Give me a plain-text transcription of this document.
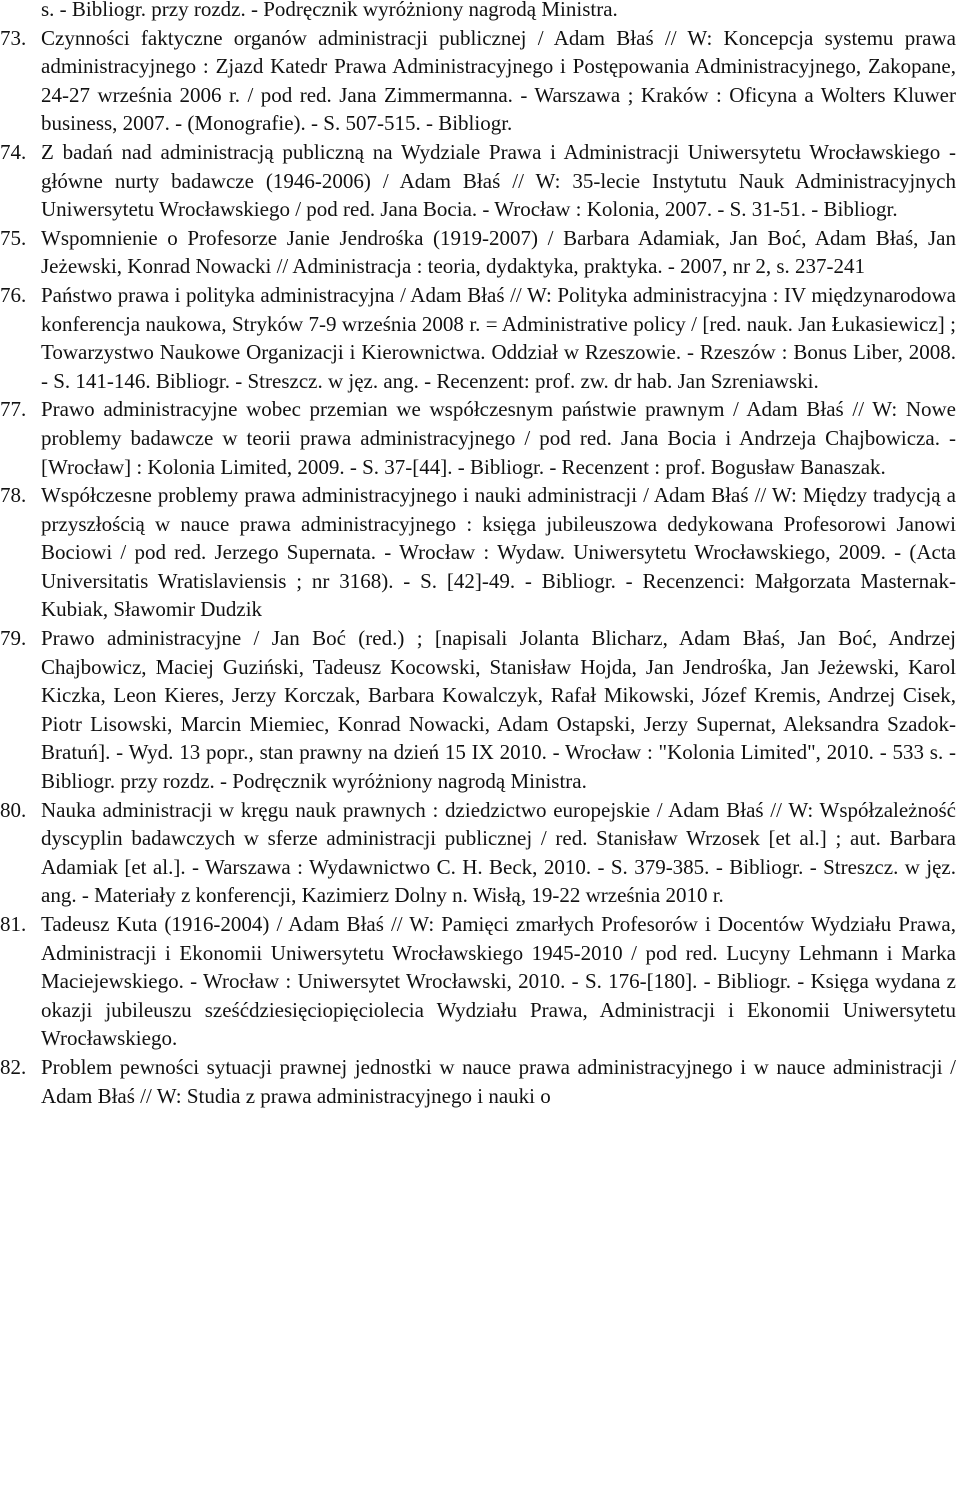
s. - Bibliogr. przy rozdz. - Podręcznik wyróżniony nagrodą Ministra.

73. Czynności faktyczne organów administracji publicznej / Adam Błaś // W: Koncepcja systemu prawa administracyjnego : Zjazd Katedr Prawa Administracyjnego i Postępowania Administracyjnego, Zakopane, 24-27 września 2006 r. / pod red. Jana Zimmermanna. - Warszawa ; Kraków : Oficyna a Wolters Kluwer business, 2007. - (Monografie). - S. 507-515. - Bibliogr.
74. Z badań nad administracją publiczną na Wydziale Prawa i Administracji Uniwersytetu Wrocławskiego - główne nurty badawcze (1946-2006) / Adam Błaś // W: 35-lecie Instytutu Nauk Administracyjnych Uniwersytetu Wrocławskiego / pod red. Jana Bocia. - Wrocław : Kolonia, 2007. - S. 31-51. - Bibliogr.
75. Wspomnienie o Profesorze Janie Jendrośka (1919-2007) / Barbara Adamiak, Jan Boć, Adam Błaś, Jan Jeżewski, Konrad Nowacki // Administracja : teoria, dydaktyka, praktyka. - 2007, nr 2, s. 237-241
76. Państwo prawa i polityka administracyjna / Adam Błaś // W: Polityka administracyjna : IV międzynarodowa konferencja naukowa, Stryków 7-9 września 2008 r. = Administrative policy / [red. nauk. Jan Łukasiewicz] ; Towarzystwo Naukowe Organizacji i Kierownictwa. Oddział w Rzeszowie. - Rzeszów : Bonus Liber, 2008. - S. 141-146. Bibliogr. - Streszcz. w jęz. ang. - Recenzent: prof. zw. dr hab. Jan Szreniawski.
77. Prawo administracyjne wobec przemian we współczesnym państwie prawnym / Adam Błaś // W: Nowe problemy badawcze w teorii prawa administracyjnego / pod red. Jana Bocia i Andrzeja Chajbowicza. - [Wrocław] : Kolonia Limited, 2009. - S. 37-[44]. - Bibliogr. - Recenzent : prof. Bogusław Banaszak.
78. Współczesne problemy prawa administracyjnego i nauki administracji / Adam Błaś // W: Między tradycją a przyszłością w nauce prawa administracyjnego : księga jubileuszowa dedykowana Profesorowi Janowi Bociowi / pod red. Jerzego Supernata. - Wrocław : Wydaw. Uniwersytetu Wrocławskiego, 2009. - (Acta Universitatis Wratislaviensis ; nr 3168). - S. [42]-49. - Bibliogr. - Recenzenci: Małgorzata Masternak-Kubiak, Sławomir Dudzik
79. Prawo administracyjne / Jan Boć (red.) ; [napisali Jolanta Blicharz, Adam Błaś, Jan Boć, Andrzej Chajbowicz, Maciej Guziński, Tadeusz Kocowski, Stanisław Hojda, Jan Jendrośka, Jan Jeżewski, Karol Kiczka, Leon Kieres, Jerzy Korczak, Barbara Kowalczyk, Rafał Mikowski, Józef Kremis, Andrzej Cisek, Piotr Lisowski, Marcin Miemiec, Konrad Nowacki, Adam Ostapski, Jerzy Supernat, Aleksandra Szadok-Bratuń]. - Wyd. 13 popr., stan prawny na dzień 15 IX 2010. - Wrocław : "Kolonia Limited", 2010. - 533 s. - Bibliogr. przy rozdz. - Podręcznik wyróżniony nagrodą Ministra.
80. Nauka administracji w kręgu nauk prawnych : dziedzictwo europejskie / Adam Błaś // W: Współzależność dyscyplin badawczych w sferze administracji publicznej / red. Stanisław Wrzosek [et al.] ; aut. Barbara Adamiak [et al.]. - Warszawa : Wydawnictwo C. H. Beck, 2010. - S. 379-385. - Bibliogr. - Streszcz. w jęz. ang. - Materiały z konferencji, Kazimierz Dolny n. Wisłą, 19-22 września 2010 r.
81. Tadeusz Kuta (1916-2004) / Adam Błaś // W: Pamięci zmarłych Profesorów i Docentów Wydziału Prawa, Administracji i Ekonomii Uniwersytetu Wrocławskiego 1945-2010 / pod red. Lucyny Lehmann i Marka Maciejewskiego. - Wrocław : Uniwersytet Wrocławski, 2010. - S. 176-[180]. - Bibliogr. - Księga wydana z okazji jubileuszu sześćdziesięciopięciolecia Wydziału Prawa, Administracji i Ekonomii Uniwersytetu Wrocławskiego.
82. Problem pewności sytuacji prawnej jednostki w nauce prawa administracyjnego i w nauce administracji / Adam Błaś // W: Studia z prawa administracyjnego i nauki o
